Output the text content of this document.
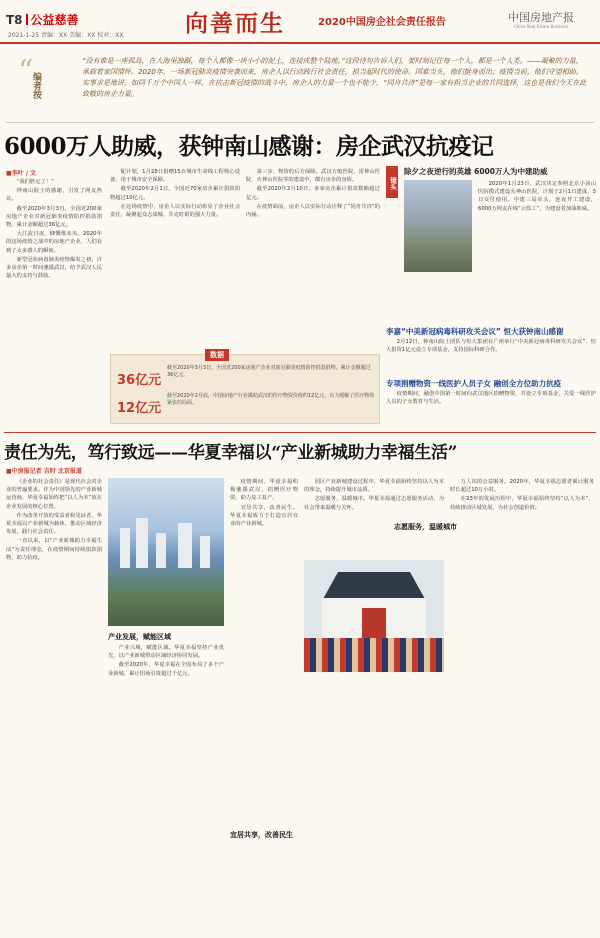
T8 公益慈善
2021-1-25 责编：XX 美编：XX 校对：XX	向善而生	2020中国房企社会责任报告	中国房地产报
China Real Estate Business
“
编者按
“没有谁是一座孤岛，在大海里独踞，每个人都像一块小小的泥土，连接成整个陆地。”这段诗句告诉人们，要时刻记住每一个人，都是一个人类。——凝聚的力量，承载着家国情怀。2020年，一场新冠肺炎疫情突袭而来，房企人以行动践行社会责任，担当起时代的使命。国难当头，他们挺身而出；疫情当前，他们守望相助。实事求是地讲，如同千万个中国人一样，在抗击新冠疫情的战斗中，房企人的力量一个也不能少，“同舟共济”是每一家有担当企业的共同选择，这也是我们今天在此致敬的房企力量。
6000万人助威，获钟南山感谢：房企武汉抗疫记
■李叶 / 文

“我们胜定了！”

钟南山院士的感谢，引发了网友热议。

截至2020年3月3日，全国近200家房地产企业对新冠肺炎疫情防控捐款捐物，累计金额超过36亿元。

大江流日夜，慷慨歌未央。2020年的这场疫情之战中的房地产企业，人们看到了太多感人的瞬间。

新型冠状病毒肺炎疫情爆发之初，许多房企第一时间驰援武汉，给予武汉人民最大的支持与鼓励。

配计划，1月28日捐赠15台城市生命线工程核心设备，用于城市安全保障。

截至2020年2月1日，全国近70家房企累计捐款捐物超过10亿元。

在这场疫情中，房企人以实际行动彰显了企业社会责任，凝聚起众志成城、共克时艰的强大力量。

第三步，物资的后方保障。武汉方舱医院、雷神山医院、火神山医院等的建设中，都有房企的身影。

截至2020年2月10日，多家房企累计捐款数额超过亿元。

在疫情面前，房企人以实际行动诠释了“同舟共济”的内涵。

数据
36亿元
截至2020年3月3日，全国近200家房地产企业对新冠肺炎疫情防控捐款捐物，累计金额超过36亿元。
12亿元
截至2020年2月底，中国房地产行业援助武汉的医疗物资价值约12亿元，有力缓解了医疗物资紧张的局面。
镜头
除夕之夜逆行的英雄 6000万人为中建助威

2020年1月23日，武汉决定参照北京小汤山医院模式建设火神山医院，计划于2月1日建成，3日交付使用。中建三局牵头，连夜开工建设，6000万网友在线“云监工”，为建设者加油助威。

李嘉“中美新冠病毒科研攻关会议” 恒大获钟南山感谢

2月12日，钟南山院士团队与恒大集团在广州举行“中美新冠病毒科研攻关会议”，恒大捐资1亿元设立专项基金，支持国际科研合作。

专项捐赠物资一线医护人员子女 融创全方位助力抗疫

疫情期间，融创中国第一时间向武汉地区捐赠物资，并设立专项基金，关爱一线医护人员的子女教育与生活。

责任为先，笃行致远——华夏幸福以“产业新城助力幸福生活”
■中房报记者 吉时 北京报道

《企业的社会责任》是现代社会对企业的普遍要求。作为中国领先的产业新城运营商，华夏幸福始终把“以人为本”放在企业发展的核心位置。

作为改革开放的受益者和见证者，华夏幸福以产业新城为载体，推动区域经济发展，践行社会责任。

一直以来，以“产业新城助力幸福生活”为责任理念，在疫情期间持续捐款捐物，助力抗疫。

产业发展，赋能区域

产业兴城，赋能区域。华夏幸福坚持产业优先，以产业新城带动区域经济协同发展。

截至2020年，华夏幸福在全国布局了多个产业新城，累计招商引资超过千亿元。

疫情期间，华夏幸福积极驰援武汉，捐赠医疗物资，助力复工复产。

宜居共享，改善民生。华夏幸福致力于打造宜居宜业的产业新城。

宜居共享，改善民生

园区产业新城建设过程中，华夏幸福始终坚持以人为本的理念，持续提升城市品质。

志愿服务，温暖城市。华夏幸福通过志愿服务活动，为社会带来温暖与关怀。

志愿服务，温暖城市

万人次的公益服务。2020年，华夏幸福志愿者累计服务时长超过10万小时。

在23年的发展历程中，华夏幸福始终坚持“以人为本”，持续推动区域发展，为社会创造价值。
